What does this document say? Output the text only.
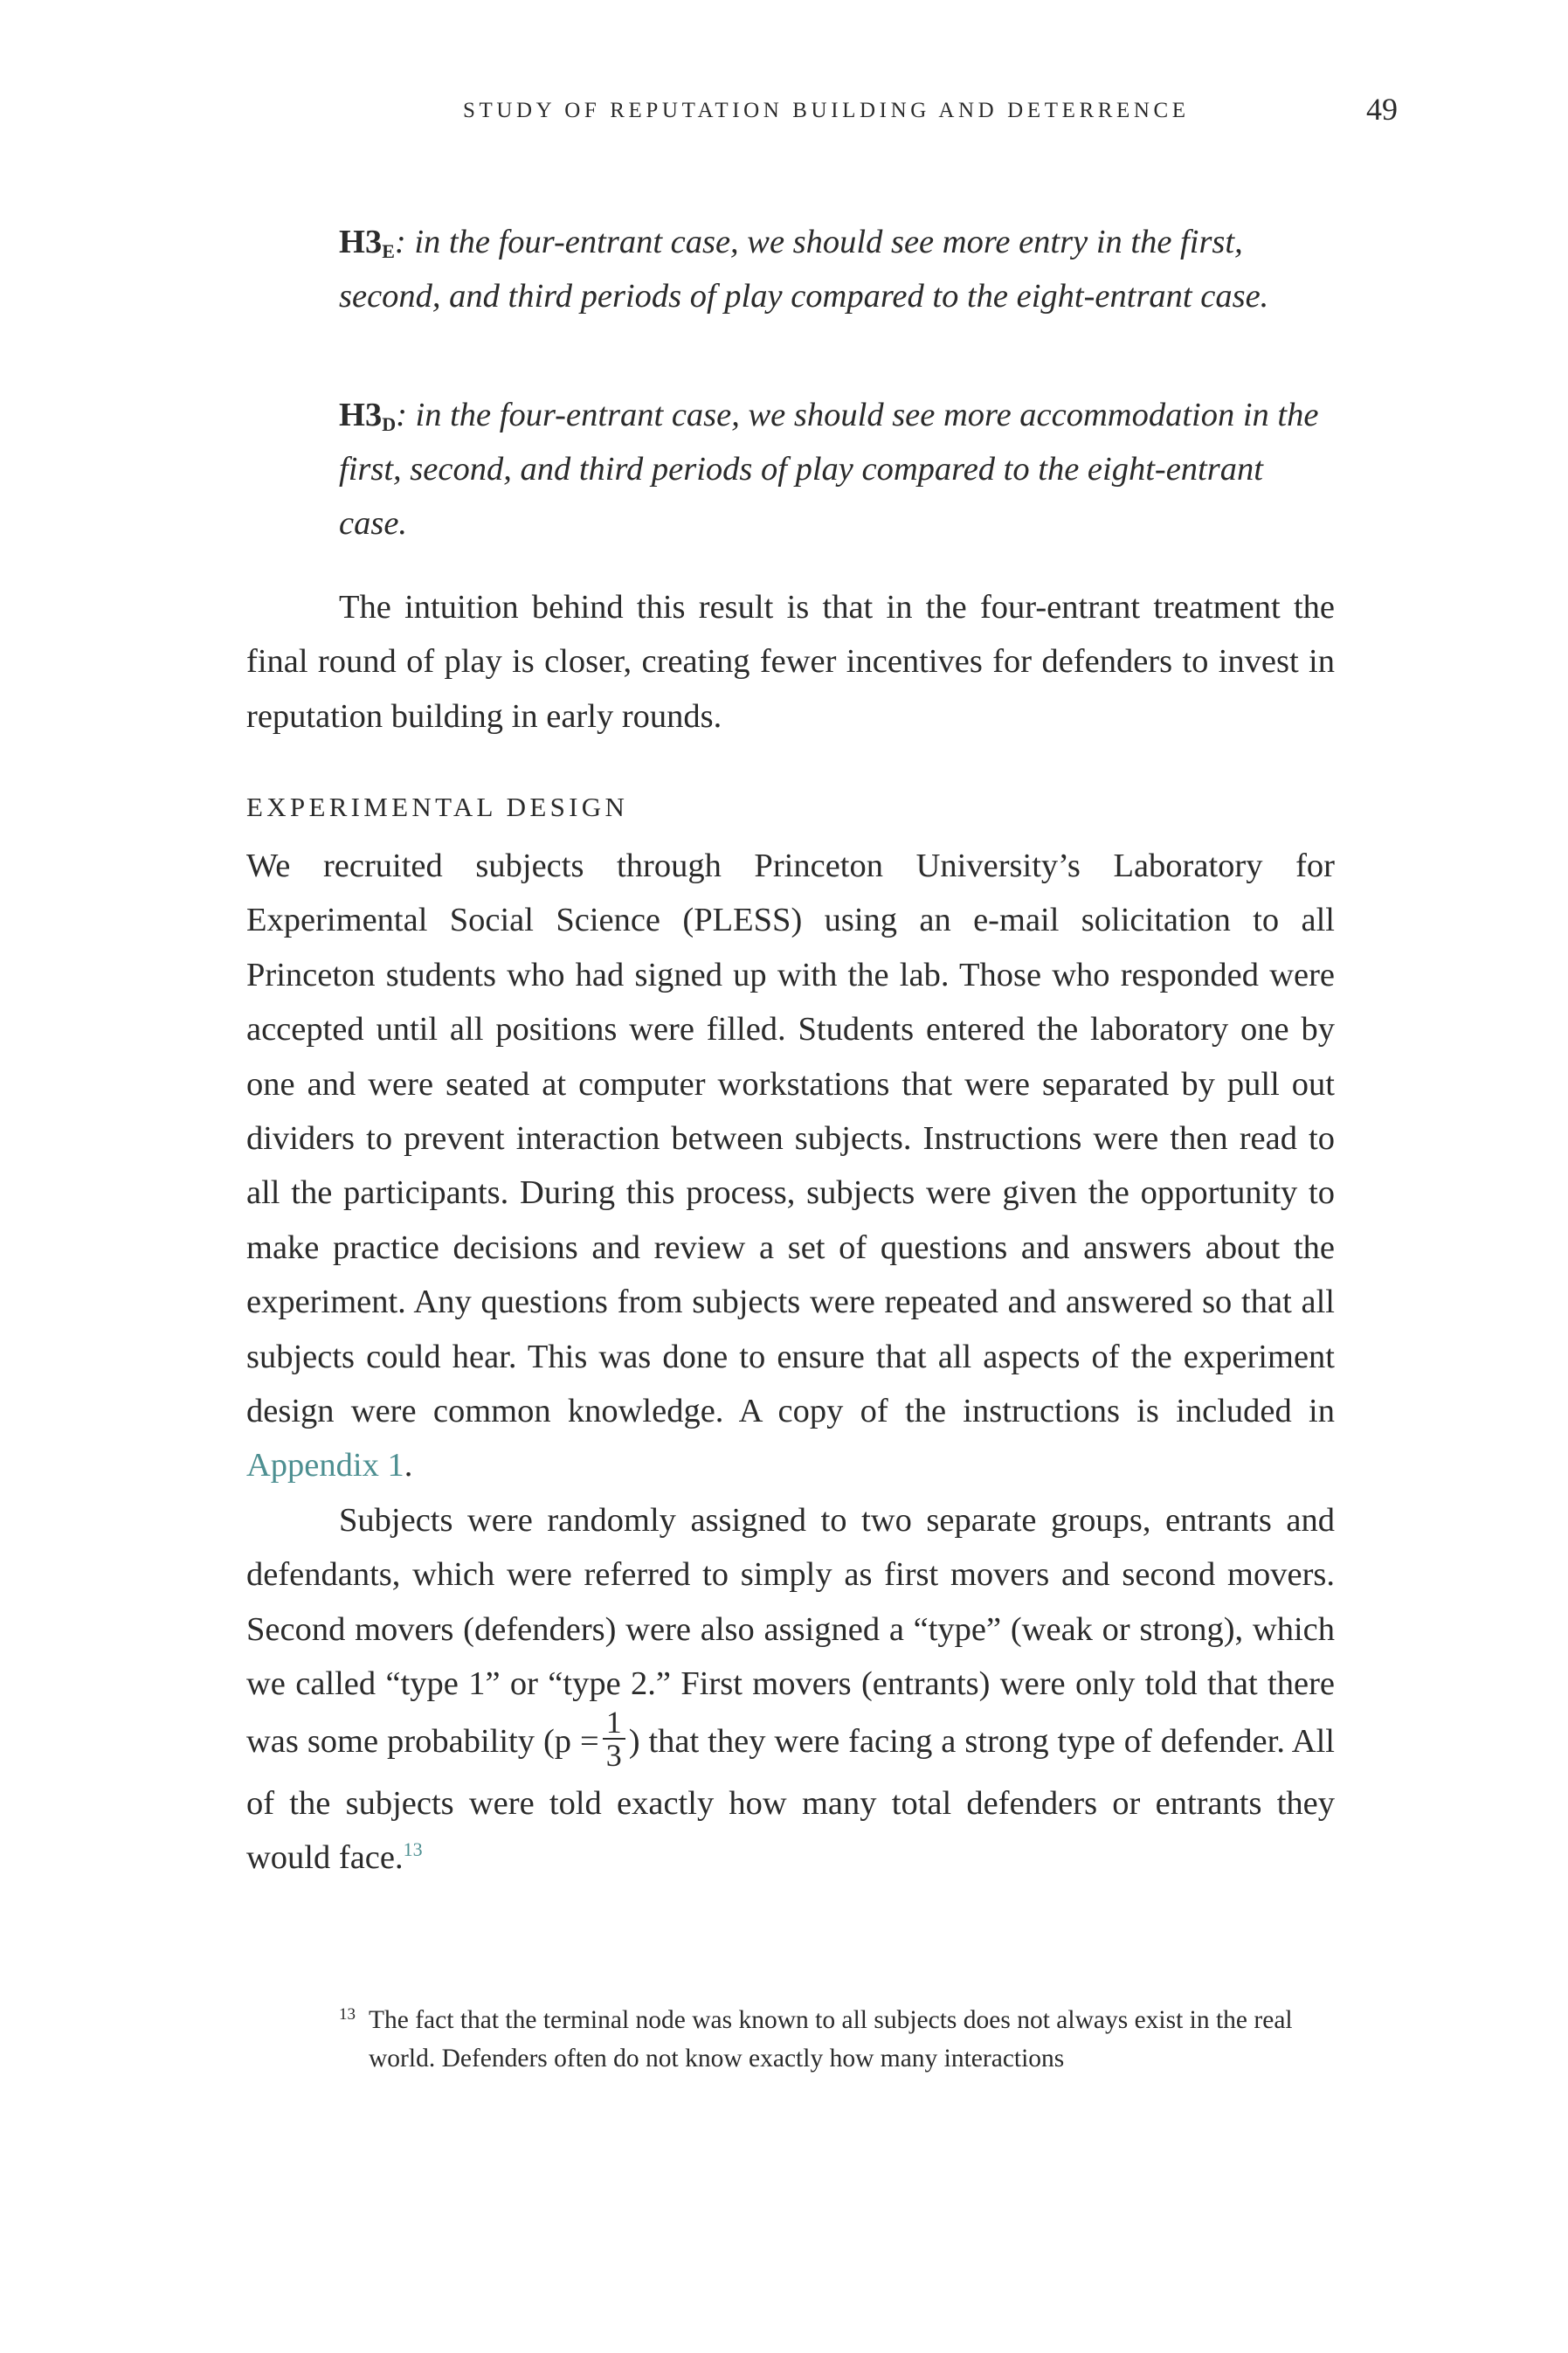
STUDY OF REPUTATION BUILDING AND DETERRENCE	49
$H3_E$: in the four-entrant case, we should see more entry in the first, second, and third periods of play compared to the eight-entrant case.
$H3_D$: in the four-entrant case, we should see more accommodation in the first, second, and third periods of play compared to the eight-entrant case.

The intuition behind this result is that in the four-entrant treatment the final round of play is closer, creating fewer incentives for defenders to invest in reputation building in early rounds.

EXPERIMENTAL DESIGN

We recruited subjects through Princeton University’s Laboratory for Experimental Social Science (PLESS) using an e-mail solicitation to all Princeton students who had signed up with the lab. Those who responded were accepted until all positions were filled. Students entered the laboratory one by one and were seated at computer workstations that were separated by pull out dividers to prevent interaction between subjects. Instructions were then read to all the participants. During this process, subjects were given the opportunity to make practice decisions and review a set of questions and answers about the experiment. Any questions from subjects were repeated and answered so that all subjects could hear. This was done to ensure that all aspects of the experiment design were common knowledge. A copy of the instructions is included in Appendix 1.

Subjects were randomly assigned to two separate groups, entrants and defendants, which were referred to simply as first movers and second movers. Second movers (defenders) were also assigned a “type” (weak or strong), which we called “type 1” or “type 2.” First movers (entrants) were only told that there was some probability ($p = \frac{1}{3}$ ) that they were facing a strong type of defender. All of the subjects were told exactly how many total defenders or entrants they would face.$^{13}$

13 The fact that the terminal node was known to all subjects does not always exist in the real world. Defenders often do not know exactly how many interactions
